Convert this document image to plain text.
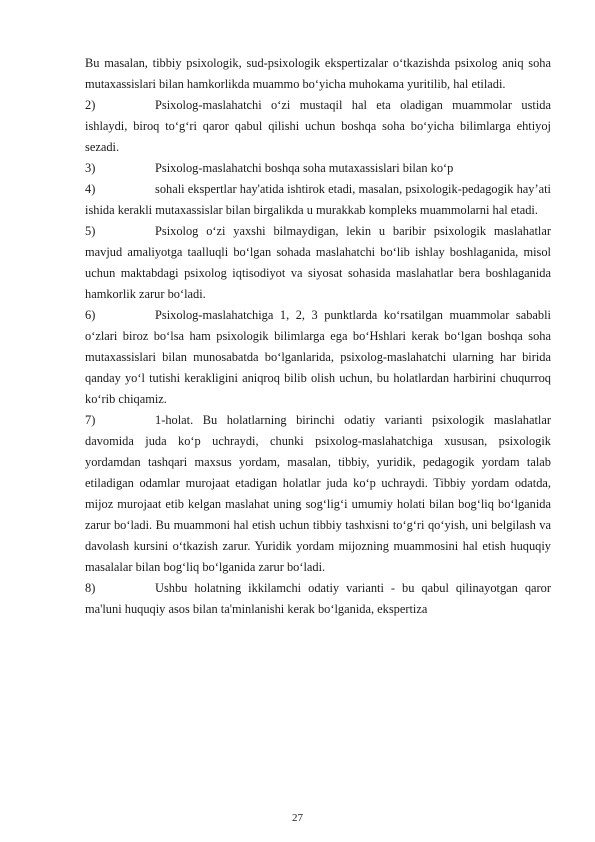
Bu masalan, tibbiy psixologik, sud-psixologik ekspertizalar o‘tkazishda psixolog aniq soha mutaxassislari bilan hamkorlikda muammo bo‘yicha muhokama yuritilib, hal etiladi.

2)	Psixolog-maslahatchi o‘zi mustaqil hal eta oladigan muammolar ustida ishlaydi, biroq to‘g‘ri qaror qabul qilishi uchun boshqa soha bo‘yicha bilimlarga ehtiyoj sezadi.

3)	Psixolog-maslahatchi boshqa soha mutaxassislari bilan ko‘p

4)	sohali ekspertlar hay'atida ishtirok etadi, masalan, psixologik-pedagogik hay’ati ishida kerakli mutaxassislar bilan birgalikda u murakkab kompleks muammolarni hal etadi.

5)	Psixolog o‘zi yaxshi bilmaydigan, lekin u baribir psixologik maslahatlar mavjud amaliyotga taalluqli bo‘lgan sohada maslahatchi bo‘lib ishlay boshlaganida, misol uchun maktabdagi psixolog iqtisodiyot va siyosat sohasida maslahatlar bera boshlaganida hamkorlik zarur bo‘ladi.

6)	Psixolog-maslahatchiga 1, 2, 3 punktlarda ko‘rsatilgan muammolar sababli o‘zlari biroz bo‘lsa ham psixologik bilimlarga ega bo‘Hshlari kerak bo‘lgan boshqa soha mutaxassislari bilan munosabatda bo‘lganlarida, psixolog-maslahatchi ularning har birida qanday yo‘l tutishi kerakligini aniqroq bilib olish uchun, bu holatlardan harbirini chuqurroq ko‘rib chiqamiz.

7)	1-holat. Bu holatlarning birinchi odatiy varianti psixologik maslahatlar davomida juda ko‘p uchraydi, chunki psixolog-maslahatchiga xususan, psixologik yordamdan tashqari maxsus yordam, masalan, tibbiy, yuridik, pedagogik yordam talab etiladigan odamlar murojaat etadigan holatlar juda ko‘p uchraydi. Tibbiy yordam odatda, mijoz murojaat etib kelgan maslahat uning sog‘lig‘i umumiy holati bilan bog‘liq bo‘lganida zarur bo‘ladi. Bu muammoni hal etish uchun tibbiy tashxisni to‘g‘ri qo‘yish, uni belgilash va davolash kursini o‘tkazish zarur. Yuridik yordam mijozning muammosini hal etish huquqiy masalalar bilan bog‘liq bo‘lganida zarur bo‘ladi.

8)	Ushbu holatning ikkilamchi odatiy varianti - bu qabul qilinayotgan qaror ma'luni huquqiy asos bilan ta'minlanishi kerak bo‘lganida, ekspertiza

27
